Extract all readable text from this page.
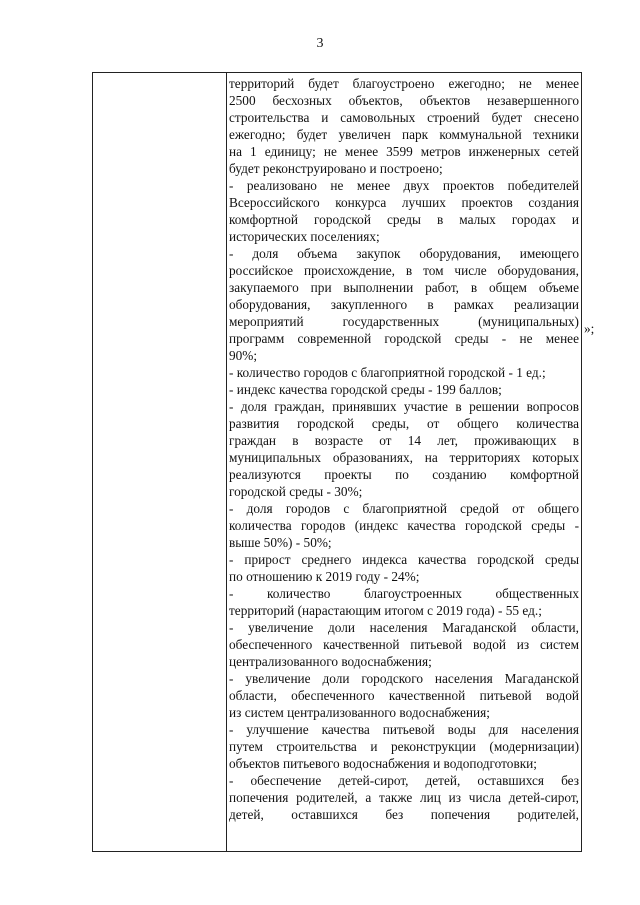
3
территорий будет благоустроено ежегодно; не менее
2500 бесхозных объектов, объектов незавершенного
строительства и самовольных строений будет снесено
ежегодно; будет увеличен парк коммунальной техники
на 1 единицу; не менее 3599 метров инженерных сетей
будет реконструировано и построено;
- реализовано не менее двух проектов победителей
Всероссийского конкурса лучших проектов создания
комфортной городской среды в малых городах и
исторических поселениях;
- доля объема закупок оборудования, имеющего
российское происхождение, в том числе оборудования,
закупаемого при выполнении работ, в общем объеме
оборудования, закупленного в рамках реализации
мероприятий государственных (муниципальных)
программ современной городской среды - не менее
90%;
- количество городов с благоприятной городской - 1 ед.;
- индекс качества городской среды - 199 баллов;
- доля граждан, принявших участие в решении вопросов
развития городской среды, от общего количества
граждан в возрасте от 14 лет, проживающих в
муниципальных образованиях, на территориях которых
реализуются проекты по созданию комфортной
городской среды - 30%;
- доля городов с благоприятной средой от общего
количества городов (индекс качества городской среды -
выше 50%) - 50%;
- прирост среднего индекса качества городской среды
по отношению к 2019 году - 24%;
- количество благоустроенных общественных
территорий (нарастающим итогом с 2019 года) - 55 ед.;
- увеличение доли населения Магаданской области,
обеспеченного качественной питьевой водой из систем
централизованного водоснабжения;
- увеличение доли городского населения Магаданской
области, обеспеченного качественной питьевой водой
из систем централизованного водоснабжения;
- улучшение качества питьевой воды для населения
путем строительства и реконструкции (модернизации)
объектов питьевого водоснабжения и водоподготовки;
- обеспечение детей-сирот, детей, оставшихся без
попечения родителей, а также лиц из числа детей-сирот,
детей, оставшихся без попечения родителей,
»;
